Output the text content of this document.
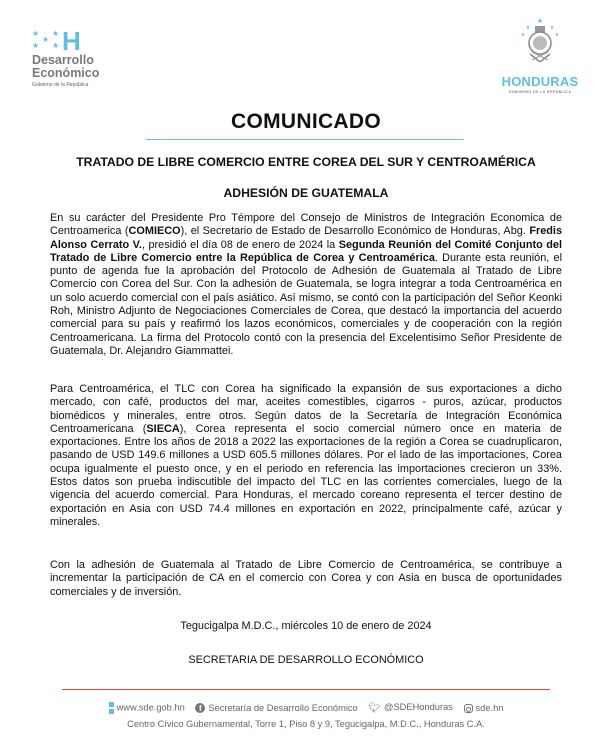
★
★
★
★ ★ H
Desarrollo
Económico
Gobierno de la República
★
★	★
★	★
HONDURAS
GOBIERNO DE LA REPÚBLICA
COMUNICADO
TRATADO DE LIBRE COMERCIO ENTRE COREA DEL SUR Y CENTROAMÉRICA
ADHESIÓN DE GUATEMALA
En su carácter del Presidente Pro Témpore del Consejo de Ministros de Integración Economica de Centroamerica (COMIECO), el Secretario de Estado de Desarrollo Económico de Honduras, Abg. Fredis Alonso Cerrato V., presidió el día 08 de enero de 2024 la Segunda Reunión del Comité Conjunto del Tratado de Libre Comercio entre la República de Corea y Centroamérica. Durante esta reunión, el punto de agenda fue la aprobación del Protocolo de Adhesión de Guatemala al Tratado de Libre Comercio con Corea del Sur. Con la adhesión de Guatemala, se logra integrar a toda Centroamérica en un solo acuerdo comercial con el país asiático. Así mismo, se contó con la participación del Señor Keonki Roh, Ministro Adjunto de Negociaciones Comerciales de Corea, que destacó la importancia del acuerdo comercial para su país y reafirmó los lazos económicos, comerciales y de cooperación con la región Centroamericana. La firma del Protocolo contó con la presencia del Excelentisimo Señor Presidente de Guatemala, Dr. Alejandro Giammattei.
Para Centroamérica, el TLC con Corea ha significado la expansión de sus exportaciones a dicho mercado, con café, productos del mar, aceites comestibles, cigarros - puros, azúcar, productos biomédicos y minerales, entre otros. Según datos de la Secretaría de Integración Económica Centroamericana (SIECA), Corea representa el socio comercial número once en materia de exportaciones. Entre los años de 2018 a 2022 las exportaciones de la región a Corea se cuadruplicaron, pasando de USD 149.6 millones a USD 605.5 millones dólares. Por el lado de las importaciones, Corea ocupa igualmente el puesto once, y en el periodo en referencia las importaciones crecieron un 33%. Estos datos son prueba indiscutible del impacto del TLC en las corrientes comerciales, luego de la vigencia del acuerdo comercial. Para Honduras, el mercado coreano representa el tercer destino de exportación en Asia con USD 74.4 millones en exportación en 2022, principalmente café, azúcar y minerales.
Con la adhesión de Guatemala al Tratado de Libre Comercio de Centroamérica, se contribuye a incrementar la participación de CA en el comercio con Corea y con Asia en busca de oportunidades comerciales y de inversión.
Tegucigalpa M.D.C., miércoles 10 de enero de 2024
SECRETARIA DE DESARROLLO ECONÓMICO
www.sde.gob.hn f Secretaría de Desarrollo Económico 🐦︎ @SDEHonduras sde.hn
Centro Cívico Gubernamental, Torre 1, Piso 8 y 9, Tegucigalpa, M.D.C., Honduras C.A.
